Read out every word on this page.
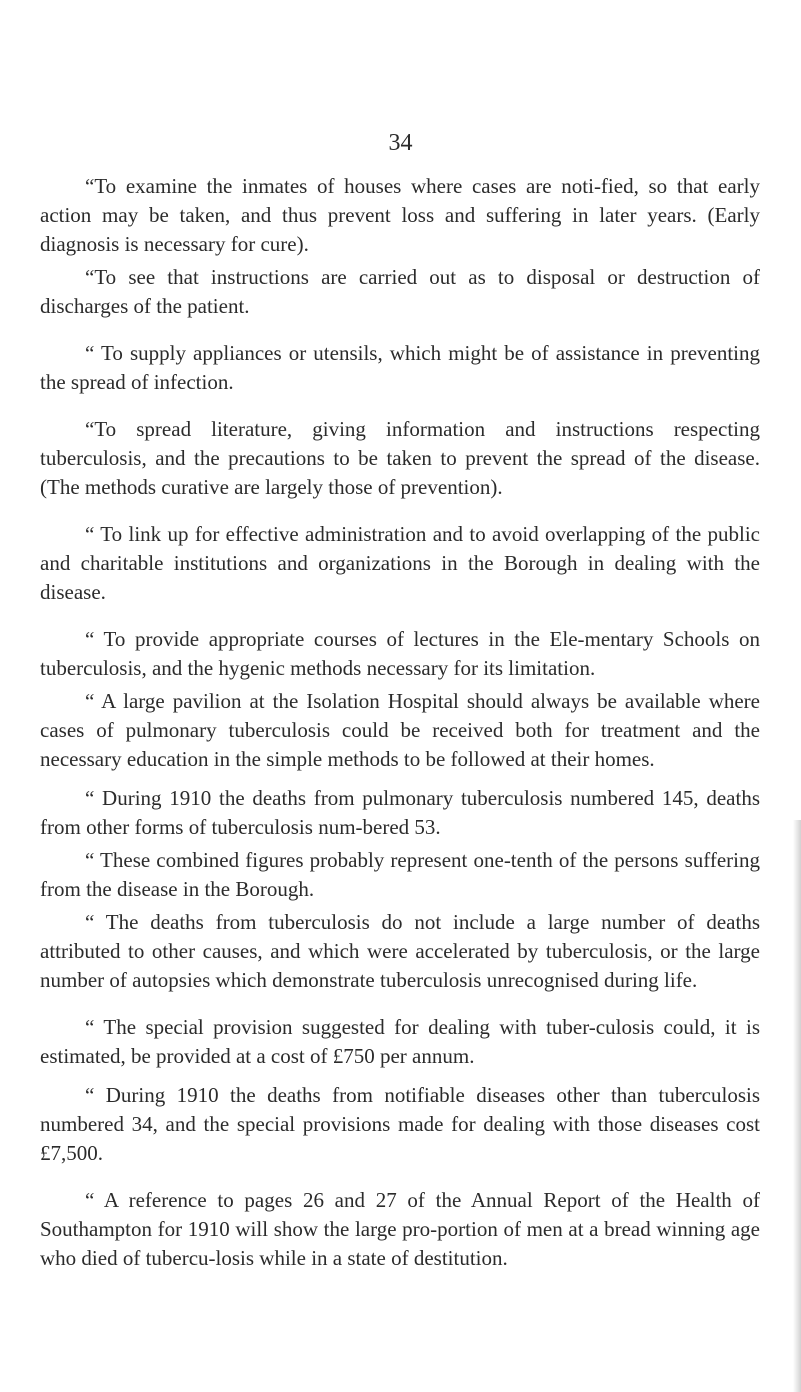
34

“To examine the inmates of houses where cases are noti-fied, so that early action may be taken, and thus prevent loss and suffering in later years. (Early diagnosis is necessary for cure).

“To see that instructions are carried out as to disposal or destruction of discharges of the patient.

“ To supply appliances or utensils, which might be of assistance in preventing the spread of infection.

“To spread literature, giving information and instructions respecting tuberculosis, and the precautions to be taken to prevent the spread of the disease. (The methods curative are largely those of prevention).

“ To link up for effective administration and to avoid overlapping of the public and charitable institutions and organizations in the Borough in dealing with the disease.

“ To provide appropriate courses of lectures in the Ele-mentary Schools on tuberculosis, and the hygenic methods necessary for its limitation.

“ A large pavilion at the Isolation Hospital should always be available where cases of pulmonary tuberculosis could be received both for treatment and the necessary education in the simple methods to be followed at their homes.

“ During 1910 the deaths from pulmonary tuberculosis numbered 145, deaths from other forms of tuberculosis num-bered 53.

“ These combined figures probably represent one-tenth of the persons suffering from the disease in the Borough.

“ The deaths from tuberculosis do not include a large number of deaths attributed to other causes, and which were accelerated by tuberculosis, or the large number of autopsies which demonstrate tuberculosis unrecognised during life.

“ The special provision suggested for dealing with tuber-culosis could, it is estimated, be provided at a cost of £750 per annum.

“ During 1910 the deaths from notifiable diseases other than tuberculosis numbered 34, and the special provisions made for dealing with those diseases cost £7,500.

“ A reference to pages 26 and 27 of the Annual Report of the Health of Southampton for 1910 will show the large pro-portion of men at a bread winning age who died of tubercu-losis while in a state of destitution.
